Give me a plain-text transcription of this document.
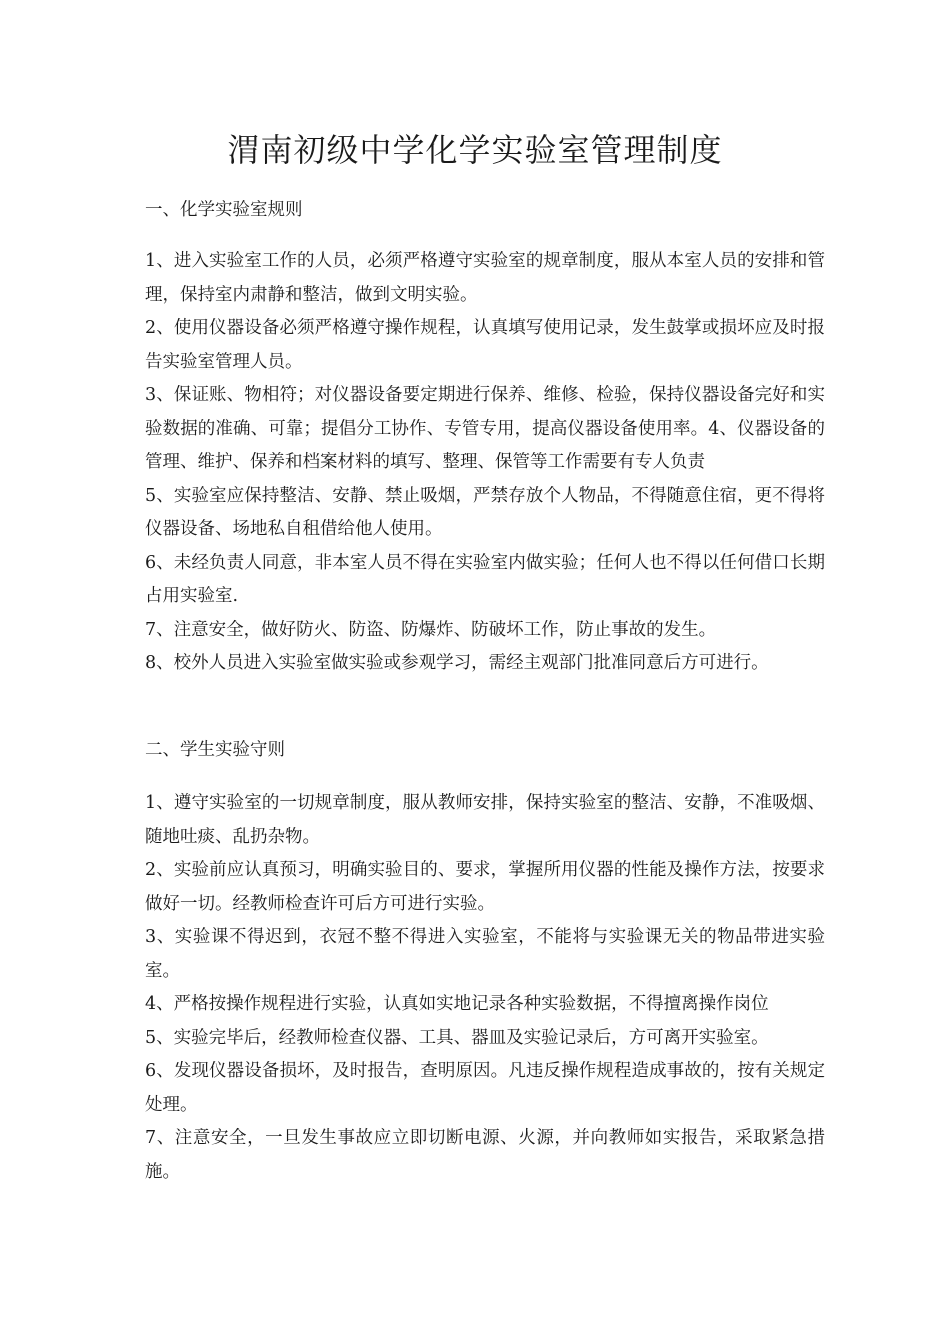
渭南初级中学化学实验室管理制度

一、化学实验室规则

1、进入实验室工作的人员，必须严格遵守实验室的规章制度，服从本室人员的安排和管理，保持室内肃静和整洁，做到文明实验。

2、使用仪器设备必须严格遵守操作规程，认真填写使用记录，发生鼓掌或损坏应及时报告实验室管理人员。

3、保证账、物相符；对仪器设备要定期进行保养、维修、检验，保持仪器设备完好和实验数据的准确、可靠；提倡分工协作、专管专用，提高仪器设备使用率。4、仪器设备的管理、维护、保养和档案材料的填写、整理、保管等工作需要有专人负责

5、实验室应保持整洁、安静、禁止吸烟，严禁存放个人物品，不得随意住宿，更不得将仪器设备、场地私自租借给他人使用。

6、未经负责人同意，非本室人员不得在实验室内做实验；任何人也不得以任何借口长期占用实验室.

7、注意安全，做好防火、防盗、防爆炸、防破坏工作，防止事故的发生。

8、校外人员进入实验室做实验或参观学习，需经主观部门批准同意后方可进行。

二、学生实验守则

1、遵守实验室的一切规章制度，服从教师安排，保持实验室的整洁、安静，不准吸烟、随地吐痰、乱扔杂物。

2、实验前应认真预习，明确实验目的、要求，掌握所用仪器的性能及操作方法，按要求做好一切。经教师检查许可后方可进行实验。

3、实验课不得迟到，衣冠不整不得进入实验室，不能将与实验课无关的物品带进实验室。

4、严格按操作规程进行实验，认真如实地记录各种实验数据，不得擅离操作岗位

5、实验完毕后，经教师检查仪器、工具、器皿及实验记录后，方可离开实验室。

6、发现仪器设备损坏，及时报告，查明原因。凡违反操作规程造成事故的，按有关规定处理。

7、注意安全，一旦发生事故应立即切断电源、火源，并向教师如实报告，采取紧急措施。
